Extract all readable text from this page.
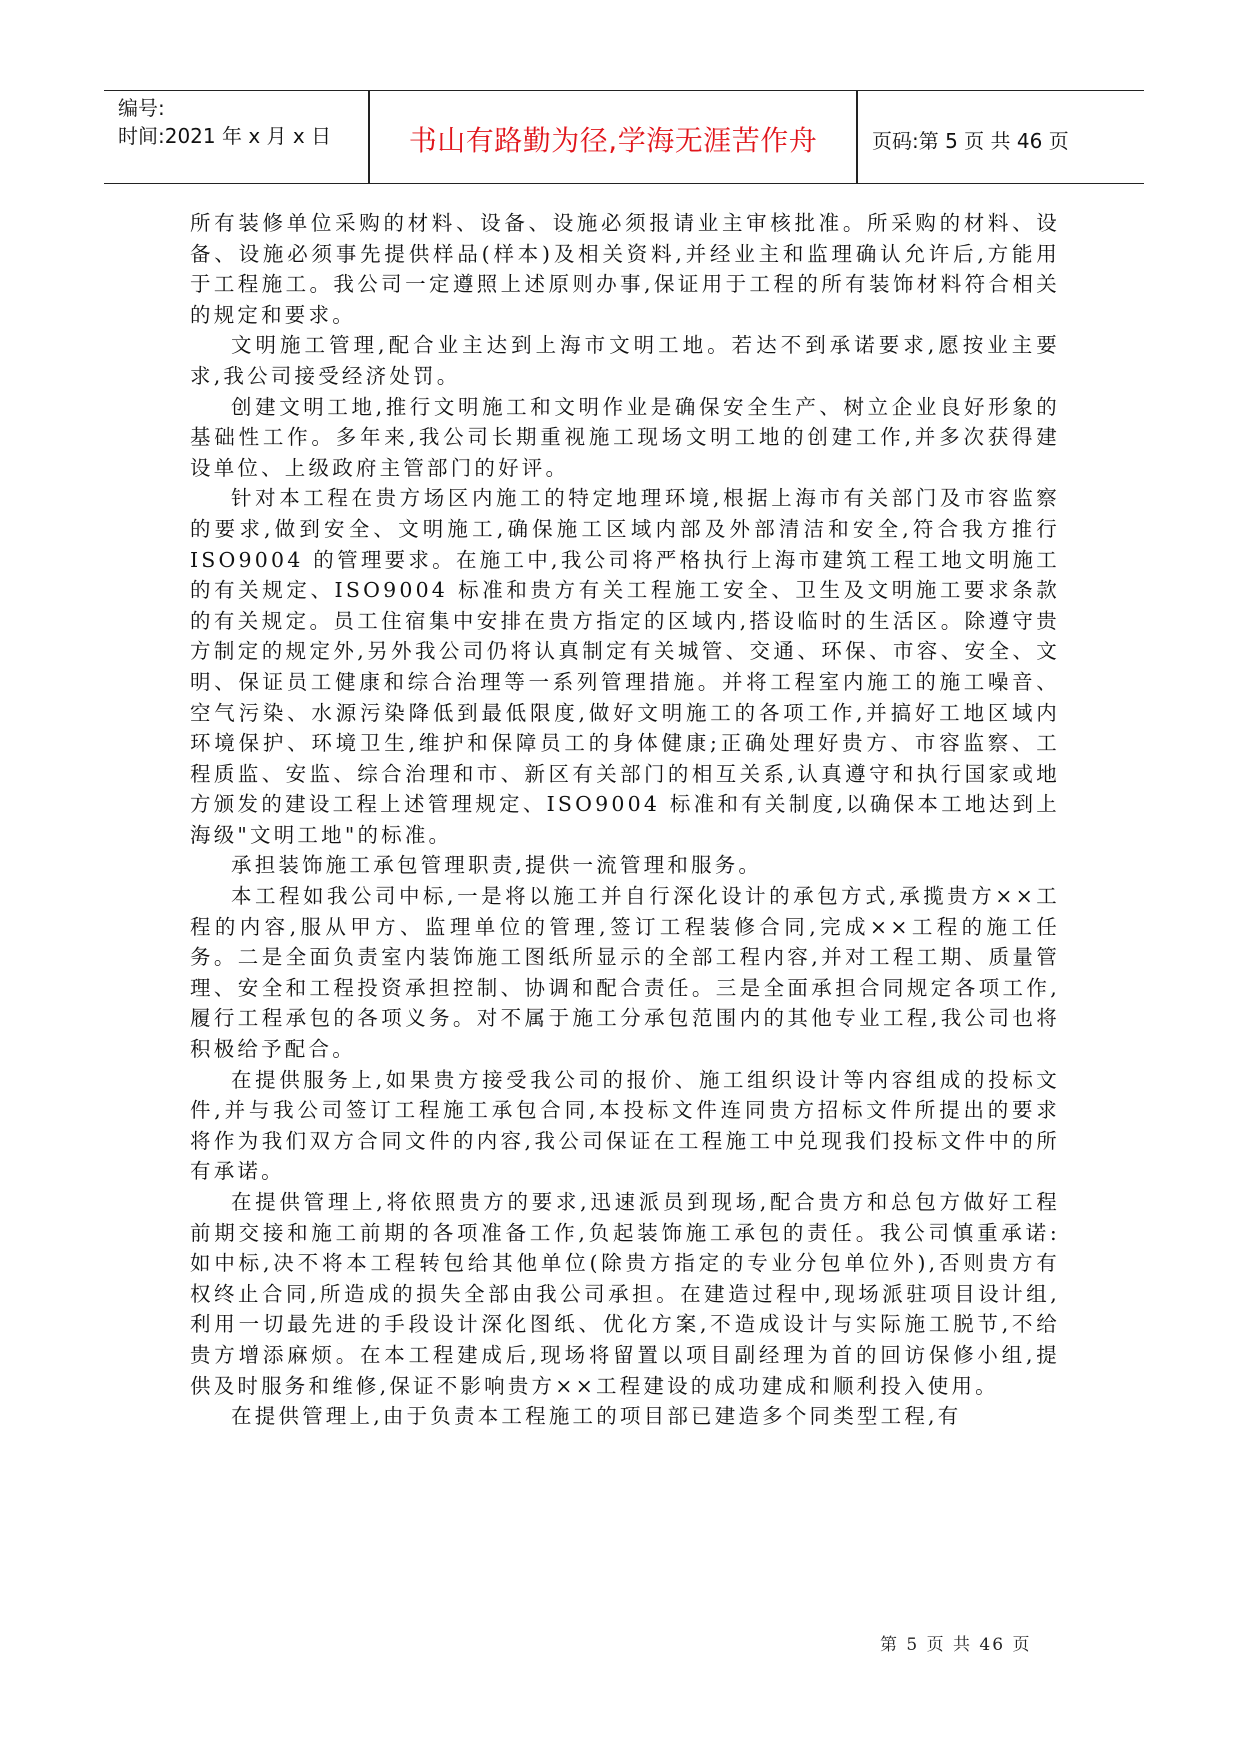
编号:
时间:2021 年 x 月 x 日	书山有路勤为径,学海无涯苦作舟	页码:第 5 页 共 46 页

所有装修单位采购的材料、设备、设施必须报请业主审核批准。所采购的材料、设备、设施必须事先提供样品(样本)及相关资料,并经业主和监理确认允许后,方能用于工程施工。我公司一定遵照上述原则办事,保证用于工程的所有装饰材料符合相关的规定和要求。

文明施工管理,配合业主达到上海市文明工地。若达不到承诺要求,愿按业主要求,我公司接受经济处罚。

创建文明工地,推行文明施工和文明作业是确保安全生产、树立企业良好形象的基础性工作。多年来,我公司长期重视施工现场文明工地的创建工作,并多次获得建设单位、上级政府主管部门的好评。

针对本工程在贵方场区内施工的特定地理环境,根据上海市有关部门及市容监察的要求,做到安全、文明施工,确保施工区域内部及外部清洁和安全,符合我方推行 ISO9004 的管理要求。在施工中,我公司将严格执行上海市建筑工程工地文明施工的有关规定、ISO9004 标准和贵方有关工程施工安全、卫生及文明施工要求条款的有关规定。员工住宿集中安排在贵方指定的区域内,搭设临时的生活区。除遵守贵方制定的规定外,另外我公司仍将认真制定有关城管、交通、环保、市容、安全、文明、保证员工健康和综合治理等一系列管理措施。并将工程室内施工的施工噪音、空气污染、水源污染降低到最低限度,做好文明施工的各项工作,并搞好工地区域内环境保护、环境卫生,维护和保障员工的身体健康;正确处理好贵方、市容监察、工程质监、安监、综合治理和市、新区有关部门的相互关系,认真遵守和执行国家或地方颁发的建设工程上述管理规定、ISO9004 标准和有关制度,以确保本工地达到上海级"文明工地"的标准。

承担装饰施工承包管理职责,提供一流管理和服务。

本工程如我公司中标,一是将以施工并自行深化设计的承包方式,承揽贵方××工程的内容,服从甲方、监理单位的管理,签订工程装修合同,完成××工程的施工任务。二是全面负责室内装饰施工图纸所显示的全部工程内容,并对工程工期、质量管理、安全和工程投资承担控制、协调和配合责任。三是全面承担合同规定各项工作,履行工程承包的各项义务。对不属于施工分承包范围内的其他专业工程,我公司也将积极给予配合。

在提供服务上,如果贵方接受我公司的报价、施工组织设计等内容组成的投标文件,并与我公司签订工程施工承包合同,本投标文件连同贵方招标文件所提出的要求将作为我们双方合同文件的内容,我公司保证在工程施工中兑现我们投标文件中的所有承诺。

在提供管理上,将依照贵方的要求,迅速派员到现场,配合贵方和总包方做好工程前期交接和施工前期的各项准备工作,负起装饰施工承包的责任。我公司慎重承诺:如中标,决不将本工程转包给其他单位(除贵方指定的专业分包单位外),否则贵方有权终止合同,所造成的损失全部由我公司承担。在建造过程中,现场派驻项目设计组,利用一切最先进的手段设计深化图纸、优化方案,不造成设计与实际施工脱节,不给贵方增添麻烦。在本工程建成后,现场将留置以项目副经理为首的回访保修小组,提供及时服务和维修,保证不影响贵方××工程建设的成功建成和顺利投入使用。

在提供管理上,由于负责本工程施工的项目部已建造多个同类型工程,有

第 5 页 共 46 页
